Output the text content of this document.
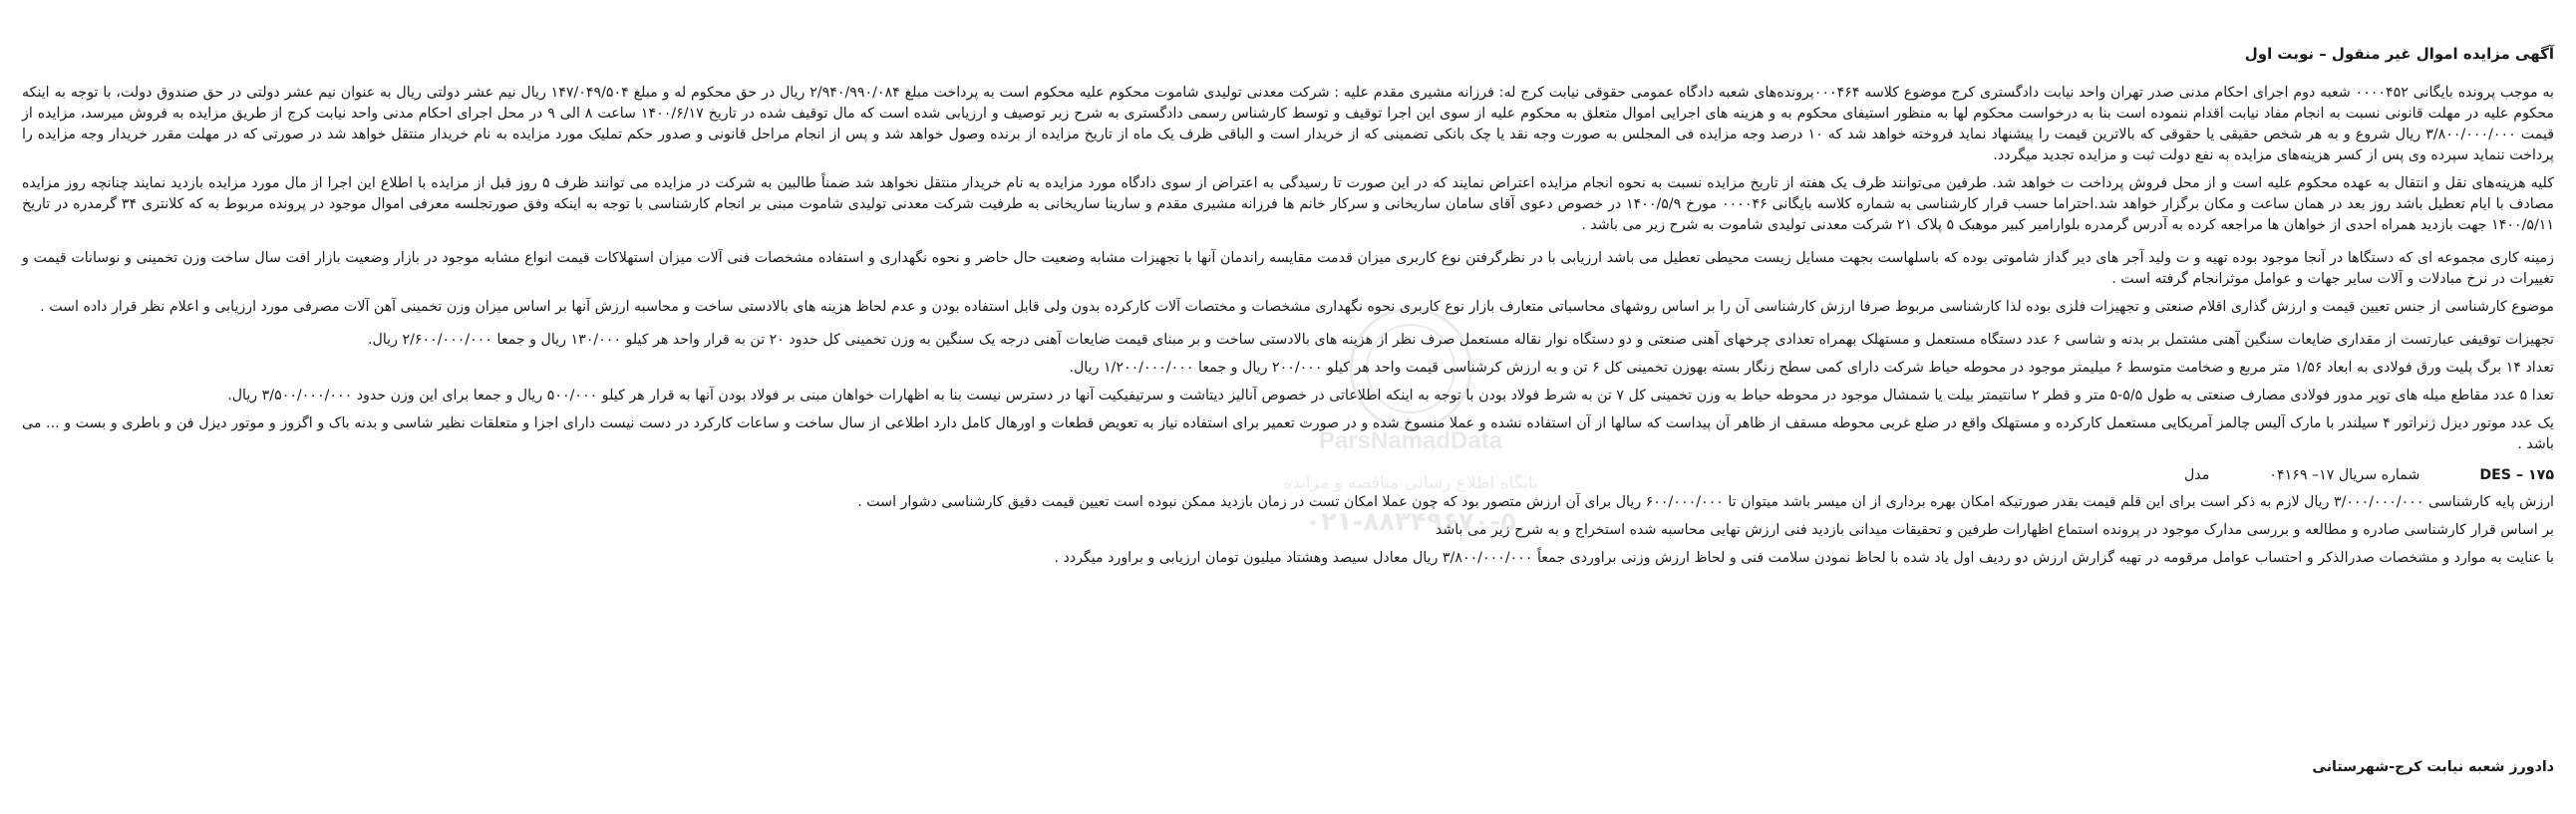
ParsNamadData
پایگاه اطلاع رسانی مناقصه و مزایده
۰۲۱-۸۸۳۴۹۶۷۰-۵
آگهی مزایده اموال غیر منقول – نوبت اول

به موجب پرونده بایگانی ۰۰۰۰۴۵۲ شعبه دوم اجرای احکام مدنی صدر تهران واحد نیابت دادگستری کرج موضوع کلاسه ۰۰۰۴۶۴پرونده‌های شعبه دادگاه عمومی حقوقی نیابت کرج له: فرزانه مشیری مقدم علیه : شرکت معدنی تولیدی شاموت محکوم علیه محکوم است به پرداخت مبلغ ۲/۹۴۰/۹۹۰/۰۸۴ ریال در حق محکوم له و مبلغ ۱۴۷/۰۴۹/۵۰۴ ریال نیم عشر دولتی ریال به عنوان نیم عشر دولتی در حق صندوق دولت، با توجه به اینکه محکوم علیه در مهلت قانونی نسبت به انجام مفاد نیابت اقدام ننموده است بنا به درخواست محکوم لها به منظور استیفای محکوم به و هزینه های اجرایی اموال متعلق به محکوم علیه از سوی این اجرا توقیف و توسط کارشناس رسمی دادگستری به شرح زیر توصیف و ارزیابی شده است که مال توقیف شده در تاریخ ۱۴۰۰/۶/۱۷ ساعت ۸ الی ۹ در محل اجرای احکام مدنی واحد نیابت کرج از طریق مزایده به فروش میرسد، مزایده از قیمت ۳/۸۰۰/۰۰۰/۰۰۰ ریال شروع و به هر شخص حقیقی یا حقوقی که بالاترین قیمت را پیشنهاد نماید فروخته خواهد شد که ۱۰ درصد وجه مزایده فی المجلس به صورت وجه نقد یا چک بانکی تضمینی که از خریدار است و الباقی ظرف یک ماه از تاریخ مزایده از برنده وصول خواهد شد و پس از انجام مراحل قانونی و صدور حکم تملیک مورد مزایده به نام خریدار منتقل خواهد شد در صورتی که در مهلت مقرر خریدار وجه مزایده را پرداخت ننماید سپرده وی پس از کسر هزینه‌های مزایده به نفع دولت ثبت و مزایده تجدید میگردد.

کلیه هزینه‌های نقل و انتقال به عهده محکوم علیه است و از محل فروش پرداخت ت خواهد شد. طرفین می‌توانند ظرف یک هفته از تاریخ مزایده نسبت به نحوه انجام مزایده اعتراض نمایند که در این صورت تا رسیدگی به اعتراض از سوی دادگاه مورد مزایده به نام خریدار منتقل نخواهد شد ضمناً طالبین به شرکت در مزایده می توانند ظرف ۵ روز قبل از مزایده با اطلاع این اجرا از مال مورد مزایده بازدید نمایند چنانچه روز مزایده مصادف با ایام تعطیل باشد روز بعد در همان ساعت و مکان برگزار خواهد شد.احتراما حسب قرار کارشناسی به شماره کلاسه بایگانی ۰۰۰۰۴۶ مورخ ۱۴۰۰/۵/۹ در خصوص دعوی آقای سامان ساریخانی و سرکار خانم ها فرزانه مشیری مقدم و سارینا ساریخانی به طرفیت شرکت معدنی تولیدی شاموت مبنی بر انجام کارشناسی با توجه به اینکه وفق صورتجلسه معرفی اموال موجود در پرونده مربوط به که کلانتری ۳۴ گرمدره در تاریخ ۱۴۰۰/۵/۱۱ جهت بازدید همراه احدی از خواهان ها مراجعه کرده به آدرس گرمدره بلوارامیر کبیر موهبک ۵ پلاک ۲۱ شرکت معدنی تولیدی شاموت به شرح زیر می باشد .

زمینه کاری مجموعه ای که دستگاها در آنجا موجود بوده تهیه و ت ولید آجر های دیر گداز شاموتی بوده که باسلهاست بجهت مسایل زیست محیطی تعطیل می باشد ارزیابی با در نظرگرفتن نوع کاربری میزان قدمت مقایسه راندمان آنها با تجهیزات مشابه وضعیت حال حاضر و نحوه نگهداری و استفاده مشخصات فنی آلات میزان استهلاکات قیمت انواع مشابه موجود در بازار وضعیت بازار افت سال ساخت وزن تخمینی و نوسانات قیمت و تغییرات در نرخ مبادلات و آلات سایر جهات و عوامل موثرانجام گرفته است .

موضوع کارشناسی از جنس تعیین قیمت و ارزش گذاری اقلام صنعتی و تجهیزات فلزی بوده لذا کارشناسی مربوط صرفا ارزش کارشناسی آن را بر اساس روشهای محاسباتی متعارف بازار نوع کاربری نحوه نگهداری مشخصات و مختصات آلات کارکرده بدون ولی قابل استفاده بودن و عدم لحاظ هزینه های بالادستی ساخت و محاسبه ارزش آنها بر اساس میزان وزن تخمینی آهن آلات مصرفی مورد ارزیابی و اعلام نظر قرار داده است .

تجهیزات توقیفی عبارتست از مقداری ضایعات سنگین آهنی مشتمل بر بدنه و شاسی ۶ عدد دستگاه مستعمل و مستهلک بهمراه تعدادی چرخهای آهنی صنعتی و دو دستگاه نوار نقاله مستعمل صرف نظر از هزینه های بالادستی ساخت و بر مبنای قیمت ضایعات آهنی درجه یک سنگین به وزن تخمینی کل حدود ۲۰ تن به قرار واحد هر کیلو ۱۳۰/۰۰۰ ریال و جمعا ۲/۶۰۰/۰۰۰/۰۰۰ ریال.

تعداد ۱۴ برگ پلیت ورق فولادی به ابعاد ۱/۵۶ متر مربع و ضخامت متوسط ۶ میلیمتر موجود در محوطه حیاط شرکت دارای کمی سطح زنگار بسته بهوزن تخمینی کل ۶ تن و به ارزش کرشناسی قیمت واحد هر کیلو ۲۰۰/۰۰۰ ریال و جمعا ۱/۲۰۰/۰۰۰/۰۰۰ ریال.

تعدا ۵ عدد مقاطع میله های توپر مدور فولادی مصارف صنعتی به طول ۵/۵-۵ متر و قطر ۲ سانتیمتر بیلت یا شمشال موجود در محوطه حیاط به وزن تخمینی کل ۷ تن به شرط فولاد بودن با توجه به اینکه اطلاعاتی در خصوص آنالیز دیتاشت و سرتیفیکیت آنها در دسترس نیست بنا به اظهارات خواهان مبنی بر فولاد بودن آنها به قرار هر کیلو ۵۰۰/۰۰۰ ریال و جمعا برای این وزن حدود ۳/۵۰۰/۰۰۰/۰۰۰ ریال.

یک عدد موتور دیزل ژنراتور ۴ سیلندر با مارک آلیس چالمز آمریکایی مستعمل کارکرده و مستهلک واقع در ضلع غربی محوطه مسقف از ظاهر آن پیداست که سالها از آن استفاده نشده و عملا منسوخ شده و در صورت تعمیر برای استفاده نیاز به تعویض قطعات و اورهال کامل دارد اطلاعی از سال ساخت و ساعات کارکرد در دست نیست دارای اجزا و متعلقات نظیر شاسی و بدنه باک و اگزوز و موتور دیزل فن و باطری و بست و ... می باشد .

۱۷۵ – DES
شماره سریال ۱۷– ۰۴۱۶۹
مدل

ارزش پایه کارشناسی ۳/۰۰۰/۰۰۰/۰۰۰ ریال لازم به ذکر است برای این قلم قیمت بقدر صورتیکه امکان بهره برداری از ان میسر باشد میتوان تا ۶۰۰/۰۰۰/۰۰۰ ریال برای آن ارزش متصور بود که چون عملا امکان تست در زمان بازدید ممکن نبوده است تعیین قیمت دقیق کارشناسی دشوار است .

بر اساس قرار کارشناسی صادره و مطالعه و بررسی مدارک موجود در پرونده استماع اظهارات طرفین و تحقیقات میدانی بازدید فنی ارزش نهایی محاسبه شده استخراج و به شرح زیر می باشد

با عنایت به موارد و مشخصات صدرالذکر و احتساب عوامل مرقومه در تهیه گزارش ارزش دو ردیف اول یاد شده با لحاظ نمودن سلامت فنی و لحاظ ارزش وزنی براوردی جمعاً ۳/۸۰۰/۰۰۰/۰۰۰ ریال معادل سیصد وهشتاد میلیون تومان ارزیابی و براورد میگردد .

دادورز شعبه نیابت کرج-شهرستانی
